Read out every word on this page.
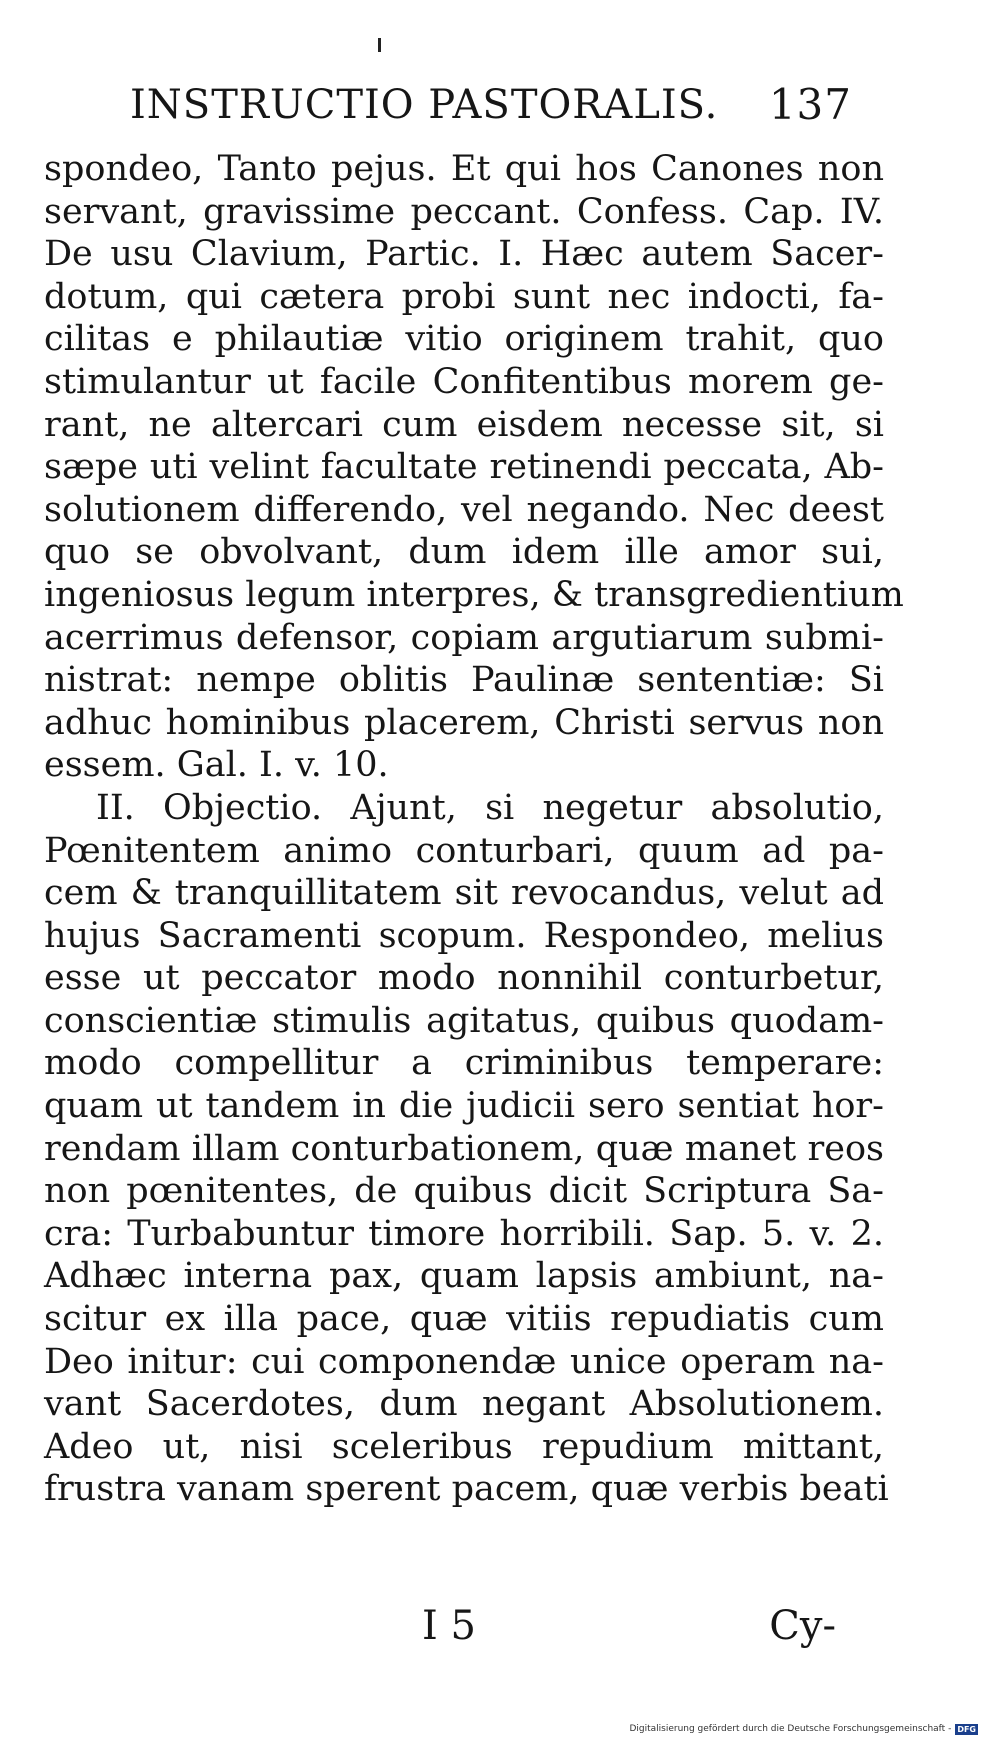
INSTRUCTIO PASTORALIS. 137
spondeo, Tanto pejus. Et qui hos Canones non
servant, gravissime peccant. Confess. Cap. IV.
De usu Clavium, Partic. I. Hæc autem Sacer-
dotum, qui cætera probi sunt nec indocti, fa-
cilitas e philautiæ vitio originem trahit, quo
stimulantur ut facile Confitentibus morem ge-
rant, ne altercari cum eisdem necesse sit, si
sæpe uti velint facultate retinendi peccata, Ab-
solutionem differendo, vel negando. Nec deest
quo se obvolvant, dum idem ille amor sui,
ingeniosus legum interpres, & transgredientium
acerrimus defensor, copiam argutiarum submi-
nistrat: nempe oblitis Paulinæ sententiæ: Si
adhuc hominibus placerem, Christi servus non
essem. Gal. I. v. 10.
II. Objectio. Ajunt, si negetur absolutio,
Pœnitentem animo conturbari, quum ad pa-
cem & tranquillitatem sit revocandus, velut ad
hujus Sacramenti scopum. Respondeo, melius
esse ut peccator modo nonnihil conturbetur,
conscientiæ stimulis agitatus, quibus quodam-
modo compellitur a criminibus temperare:
quam ut tandem in die judicii sero sentiat hor-
rendam illam conturbationem, quæ manet reos
non pœnitentes, de quibus dicit Scriptura Sa-
cra: Turbabuntur timore horribili. Sap. 5. v. 2.
Adhæc interna pax, quam lapsis ambiunt, na-
scitur ex illa pace, quæ vitiis repudiatis cum
Deo initur: cui componendæ unice operam na-
vant Sacerdotes, dum negant Absolutionem.
Adeo ut, nisi sceleribus repudium mittant,
frustra vanam sperent pacem, quæ verbis beati
I 5	Cy-
Digitalisierung gefördert durch die Deutsche Forschungsgemeinschaft - DFG
